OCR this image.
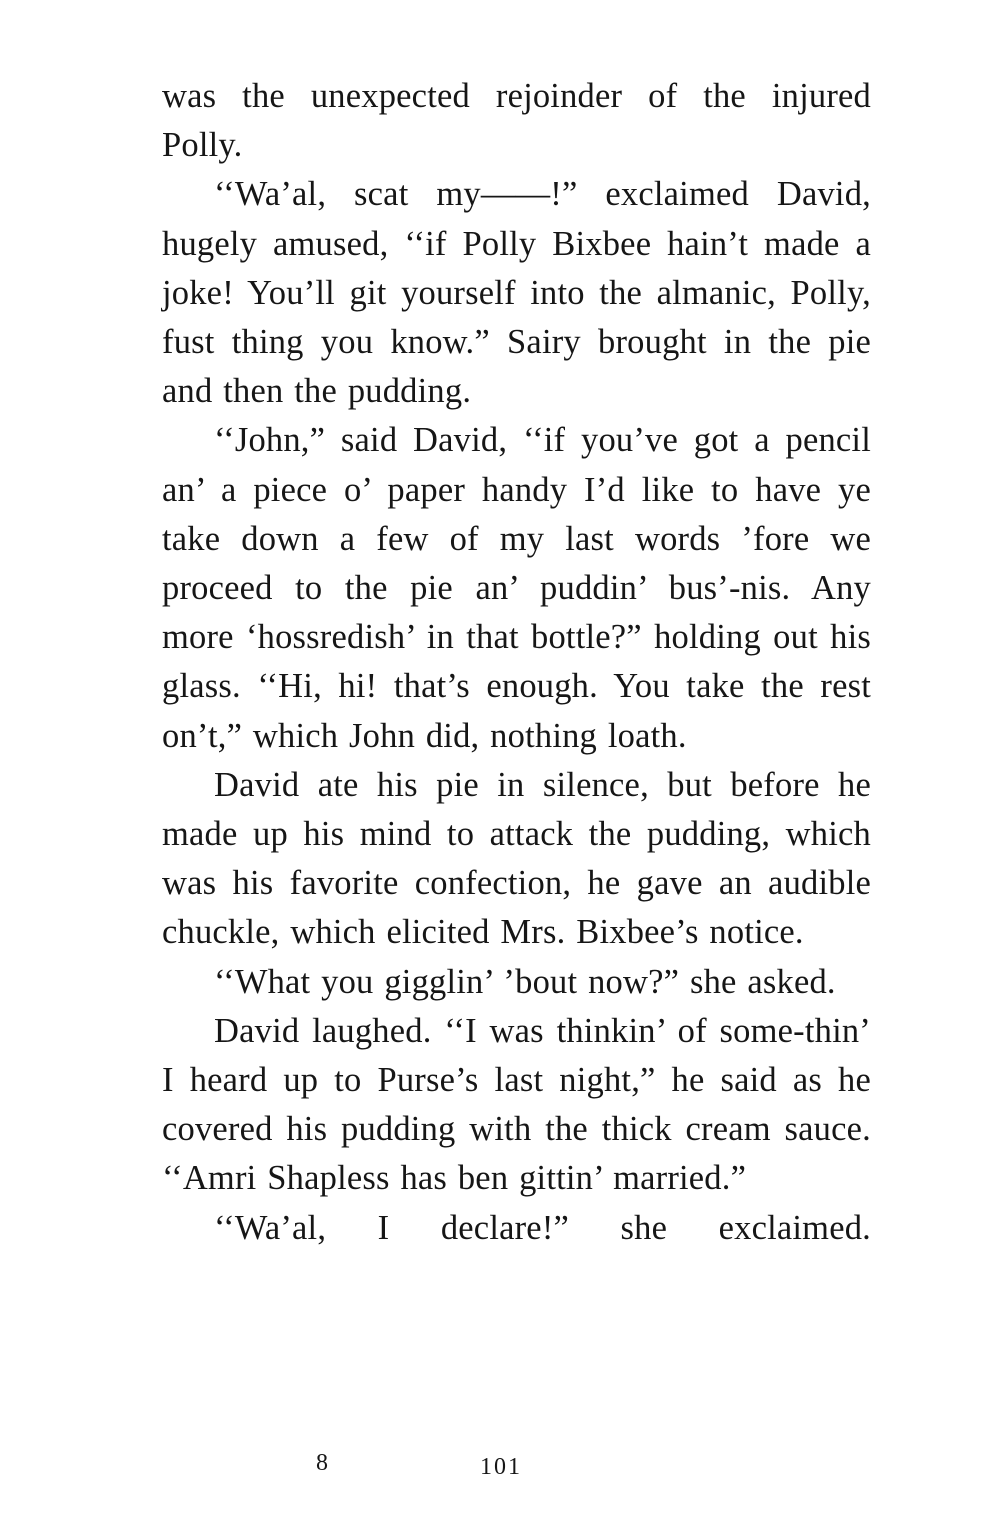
was the unexpected rejoinder of the injured Polly.

‘‘Wa’al, scat my——!” exclaimed David, hugely amused, ‘‘if Polly Bixbee hain’t made a joke! You’ll git yourself into the almanic, Polly, fust thing you know.” Sairy brought in the pie and then the pudding.

‘‘John,” said David, ‘‘if you’ve got a pencil an’ a piece o’ paper handy I’d like to have ye take down a few of my last words ’fore we proceed to the pie an’ puddin’ bus’-nis. Any more ‘hossredish’ in that bottle?” holding out his glass. ‘‘Hi, hi! that’s enough. You take the rest on’t,” which John did, nothing loath.

David ate his pie in silence, but before he made up his mind to attack the pudding, which was his favorite confection, he gave an audible chuckle, which elicited Mrs. Bixbee’s notice.

‘‘What you gigglin’ ’bout now?” she asked.

David laughed. ‘‘I was thinkin’ of some-thin’ I heard up to Purse’s last night,” he said as he covered his pudding with the thick cream sauce. ‘‘Amri Shapless has ben gittin’ married.”

‘‘Wa’al, I declare!” she exclaimed.

8	101
